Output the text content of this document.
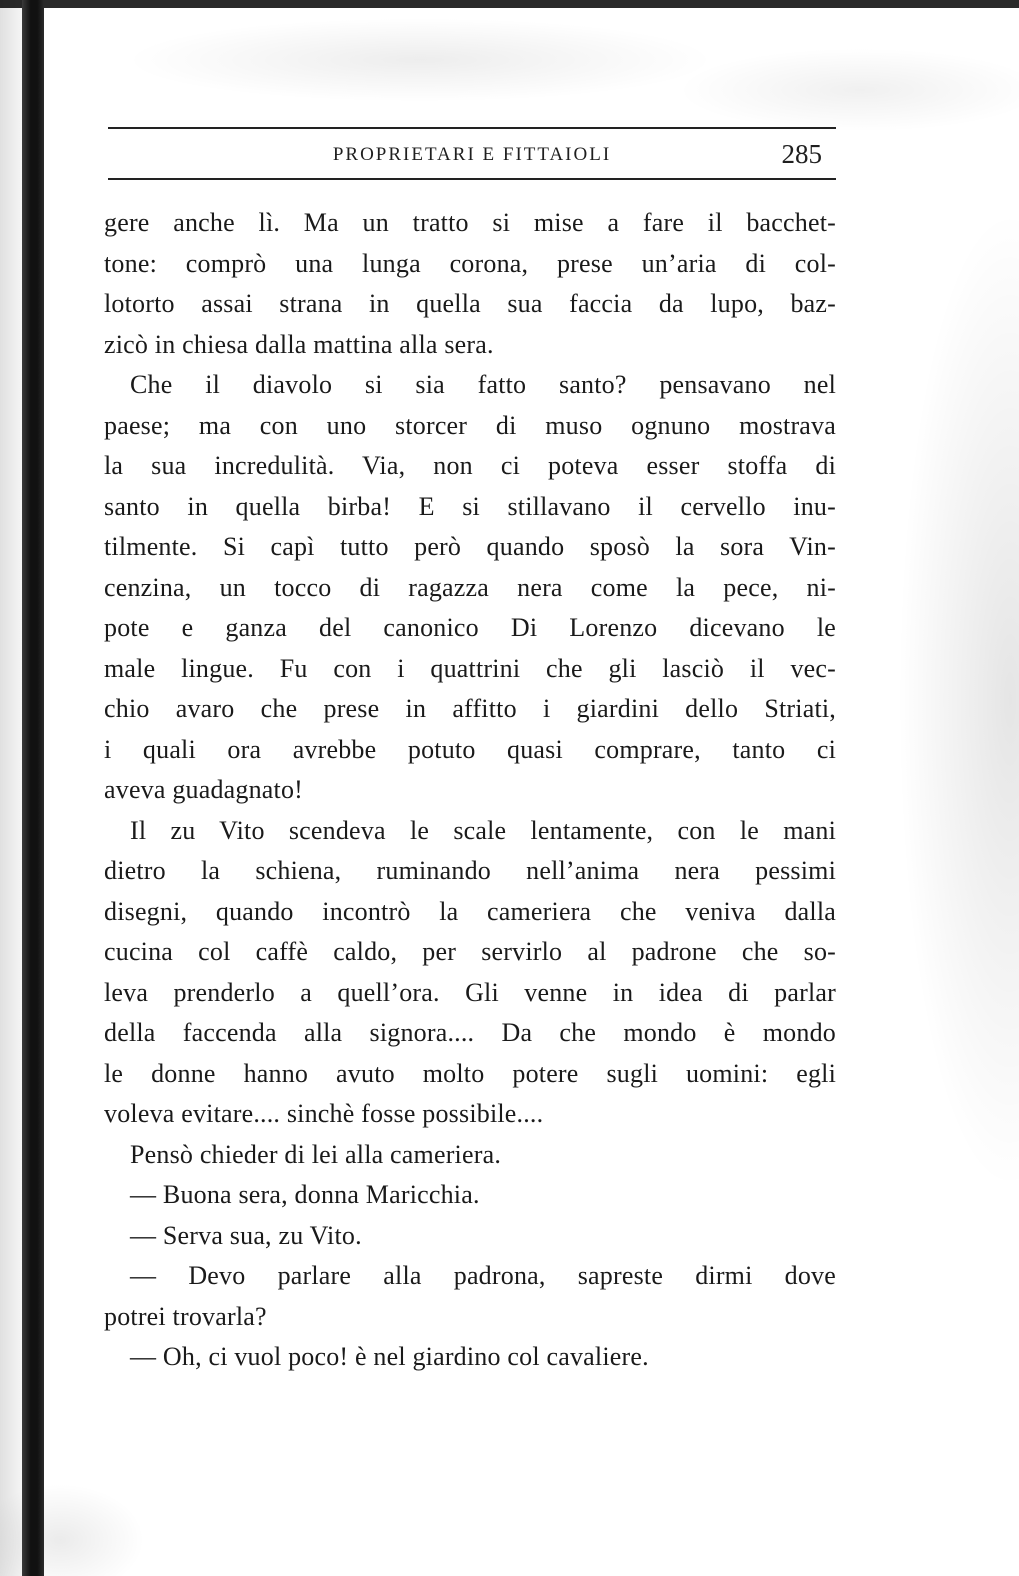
PROPRIETARI E FITTAIOLI	285
gere anche lì. Ma un tratto si mise a fare il bacchet-
tone: comprò una lunga corona, prese un’aria di col-
lotorto assai strana in quella sua faccia da lupo, baz-
zicò in chiesa dalla mattina alla sera.
Che il diavolo si sia fatto santo? pensavano nel
paese; ma con uno storcer di muso ognuno mostrava
la sua incredulità. Via, non ci poteva esser stoffa di
santo in quella birba! E si stillavano il cervello inu-
tilmente. Si capì tutto però quando sposò la sora Vin-
cenzina, un tocco di ragazza nera come la pece, ni-
pote e ganza del canonico Di Lorenzo dicevano le
male lingue. Fu con i quattrini che gli lasciò il vec-
chio avaro che prese in affitto i giardini dello Striati,
i quali ora avrebbe potuto quasi comprare, tanto ci
aveva guadagnato!
Il zu Vito scendeva le scale lentamente, con le mani
dietro la schiena, ruminando nell’anima nera pessimi
disegni, quando incontrò la cameriera che veniva dalla
cucina col caffè caldo, per servirlo al padrone che so-
leva prenderlo a quell’ora. Gli venne in idea di parlar
della faccenda alla signora.... Da che mondo è mondo
le donne hanno avuto molto potere sugli uomini: egli
voleva evitare.... sinchè fosse possibile....
Pensò chieder di lei alla cameriera.
— Buona sera, donna Maricchia.
— Serva sua, zu Vito.
— Devo parlare alla padrona, sapreste dirmi dove
potrei trovarla?
— Oh, ci vuol poco! è nel giardino col cavaliere.
